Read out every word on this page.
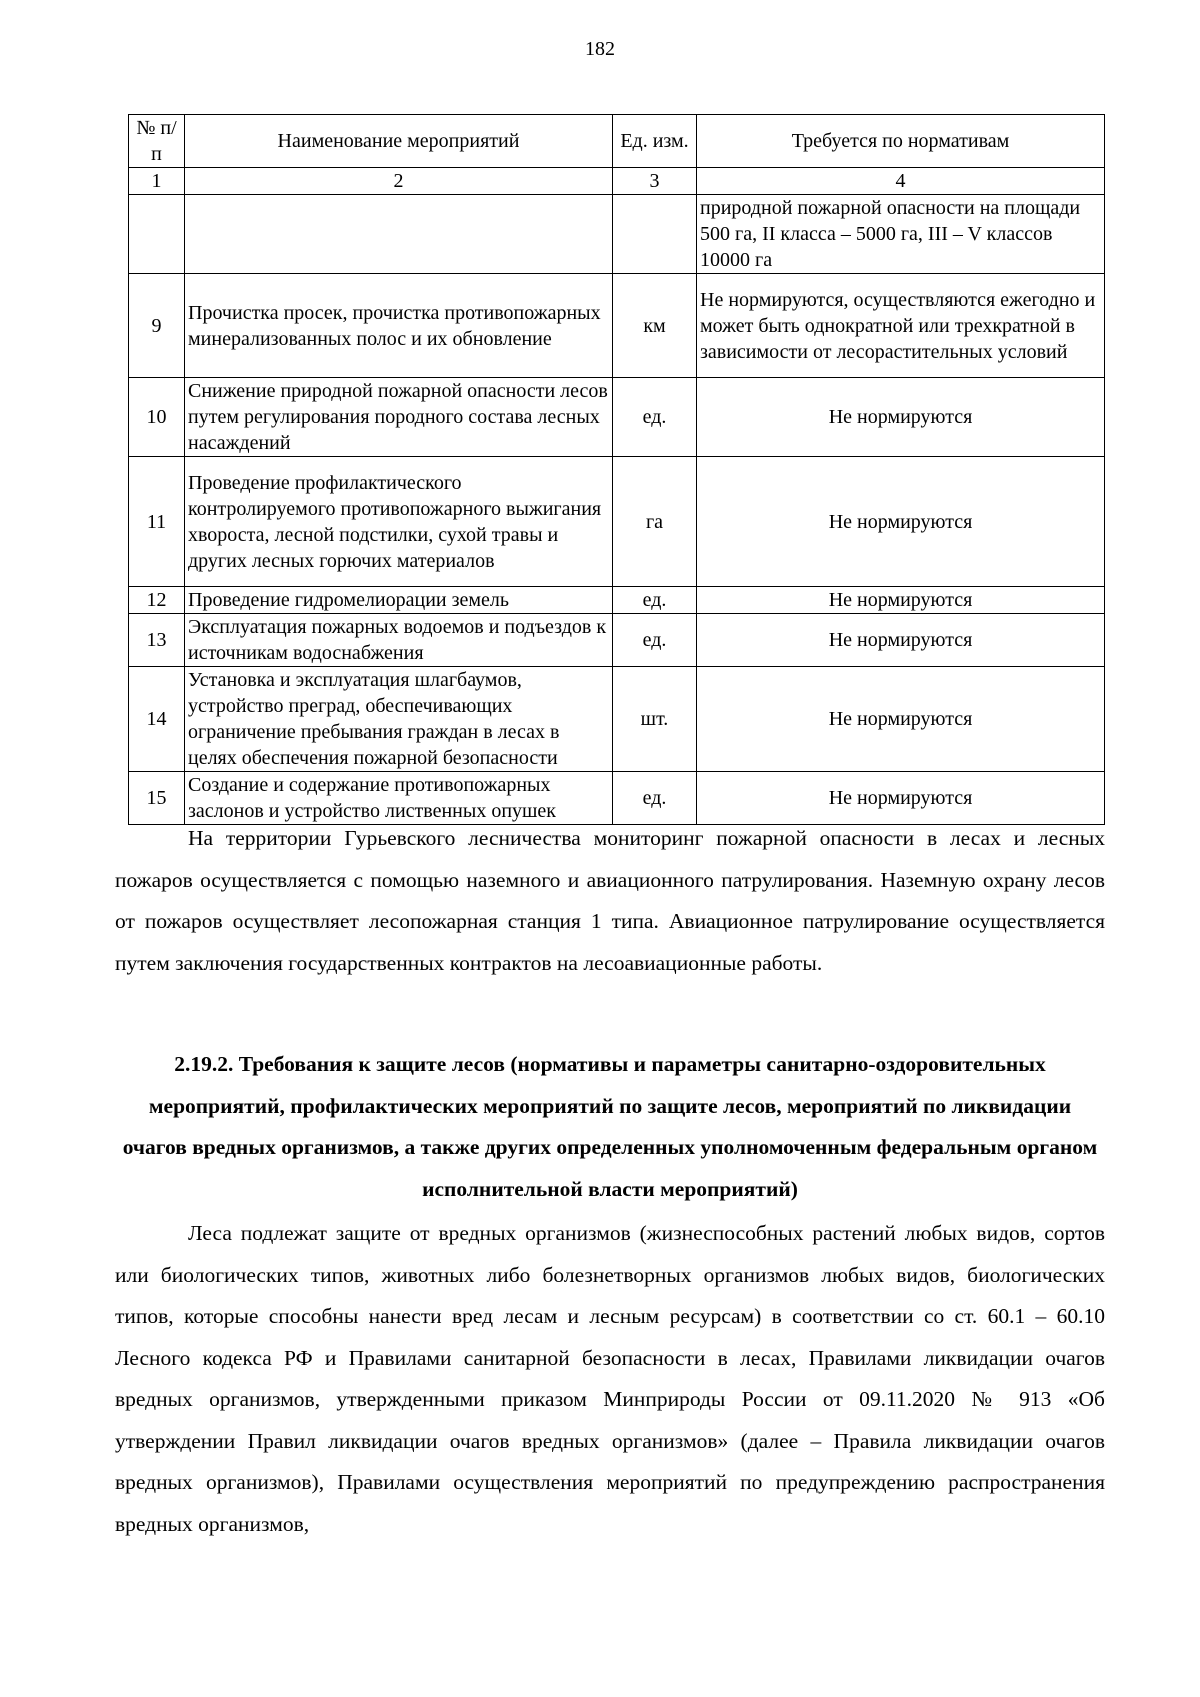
182
№ п/п	Наименование мероприятий	Ед. изм.	Требуется по нормативам
1	2	3	4
			природной пожарной опасности на площади 500 га, II класса – 5000 га, III – V классов 10000 га
9	Прочистка просек, прочистка противопожарных минерализованных полос и их обновление	км	Не нормируются, осуществляются ежегодно и может быть однократной или трехкратной в зависимости от лесорастительных условий
10	Снижение природной пожарной опасности лесов путем регулирования породного состава лесных насаждений	ед.	Не нормируются
11	Проведение профилактического контролируемого противопожарного выжигания хвороста, лесной подстилки, сухой травы и других лесных горючих материалов	га	Не нормируются
12	Проведение гидромелиорации земель	ед.	Не нормируются
13	Эксплуатация пожарных водоемов и подъездов к источникам водоснабжения	ед.	Не нормируются
14	Установка и эксплуатация шлагбаумов, устройство преград, обеспечивающих ограничение пребывания граждан в лесах в целях обеспечения пожарной безопасности	шт.	Не нормируются
15	Создание и содержание противопожарных заслонов и устройство лиственных опушек	ед.	Не нормируются

На территории Гурьевского лесничества мониторинг пожарной опасности в лесах и лесных пожаров осуществляется с помощью наземного и авиационного патрулирования. Наземную охрану лесов от пожаров осуществляет лесопожарная станция 1 типа. Авиационное патрулирование осуществляется путем заключения государственных контрактов на лесоавиационные работы.

2.19.2. Требования к защите лесов (нормативы и параметры санитарно-оздоровительных мероприятий, профилактических мероприятий по защите лесов, мероприятий по ликвидации очагов вредных организмов, а также других определенных уполномоченным федеральным органом исполнительной власти мероприятий)

Леса подлежат защите от вредных организмов (жизнеспособных растений любых видов, сортов или биологических типов, животных либо болезнетворных организмов любых видов, биологических типов, которые способны нанести вред лесам и лесным ресурсам) в соответствии со ст. 60.1 – 60.10 Лесного кодекса РФ и Правилами санитарной безопасности в лесах, Правилами ликвидации очагов вредных организмов, утвержденными приказом Минприроды России от 09.11.2020 № 913 «Об утверждении Правил ликвидации очагов вредных организмов» (далее – Правила ликвидации очагов вредных организмов), Правилами осуществления мероприятий по предупреждению распространения вредных организмов,
